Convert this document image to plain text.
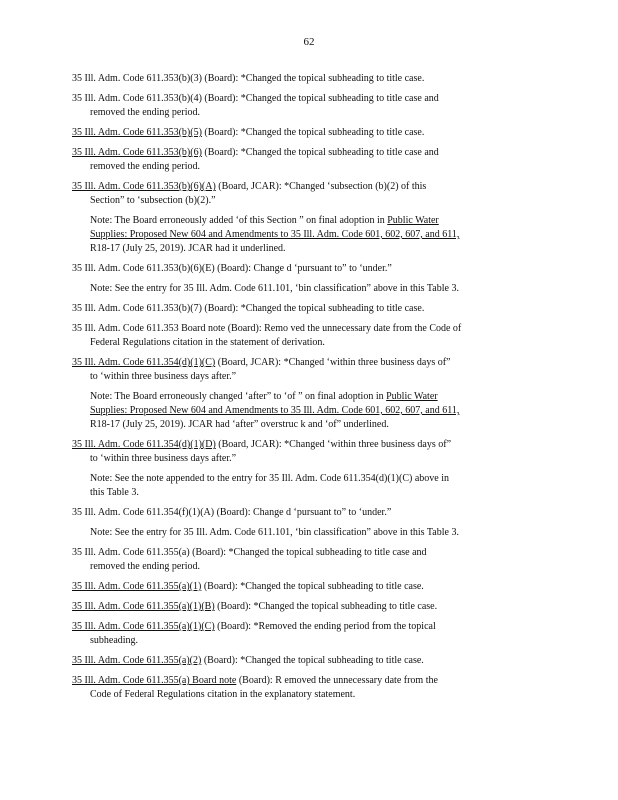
62
35 Ill. Adm. Code 611.353(b)(3) (Board): *Changed the topical subheading to title case.
35 Ill. Adm. Code 611.353(b)(4) (Board): *Changed the topical subheading to title case and
removed the ending period.
35 Ill. Adm. Code 611.353(b)(5) (Board): *Changed the topical subheading to title case.
35 Ill. Adm. Code 611.353(b)(6) (Board): *Changed the topical subheading to title case and
removed the ending period.
35 Ill. Adm. Code 611.353(b)(6)(A) (Board, JCAR): *Changed ‘subsection (b)(2) of this
Section” to ‘subsection (b)(2).”
Note: The Board erroneously added ‘of this Section ” on final adoption in Public Water
Supplies: Proposed New 604 and Amendments to 35 Ill. Adm. Code 601, 602, 607, and 611,
R18-17 (July 25, 2019). JCAR had it underlined.
35 Ill. Adm. Code 611.353(b)(6)(E) (Board): Change d ‘pursuant to” to ‘under.”
Note: See the entry for 35 Ill. Adm. Code 611.101, ‘bin classification” above in this Table 3.
35 Ill. Adm. Code 611.353(b)(7) (Board): *Changed the topical subheading to title case.
35 Ill. Adm. Code 611.353 Board note (Board): Remo ved the unnecessary date from the Code of
Federal Regulations citation in the statement of derivation.
35 Ill. Adm. Code 611.354(d)(1)(C) (Board, JCAR): *Changed ‘within three business days of”
to ‘within three business days after.”
Note: The Board erroneously changed ‘after” to ‘of ” on final adoption in Public Water
Supplies: Proposed New 604 and Amendments to 35 Ill. Adm. Code 601, 602, 607, and 611,
R18-17 (July 25, 2019). JCAR had ‘after” overstruc k and ‘of” underlined.
35 Ill. Adm. Code 611.354(d)(1)(D) (Board, JCAR): *Changed ‘within three business days of”
to ‘within three business days after.”
Note: See the note appended to the entry for 35 Ill. Adm. Code 611.354(d)(1)(C) above in
this Table 3.
35 Ill. Adm. Code 611.354(f)(1)(A) (Board): Change d ‘pursuant to” to ‘under.”
Note: See the entry for 35 Ill. Adm. Code 611.101, ‘bin classification” above in this Table 3.
35 Ill. Adm. Code 611.355(a) (Board): *Changed the topical subheading to title case and
removed the ending period.
35 Ill. Adm. Code 611.355(a)(1) (Board): *Changed the topical subheading to title case.
35 Ill. Adm. Code 611.355(a)(1)(B) (Board): *Changed the topical subheading to title case.
35 Ill. Adm. Code 611.355(a)(1)(C) (Board): *Removed the ending period from the topical
subheading.
35 Ill. Adm. Code 611.355(a)(2) (Board): *Changed the topical subheading to title case.
35 Ill. Adm. Code 611.355(a) Board note (Board): R emoved the unnecessary date from the
Code of Federal Regulations citation in the explanatory statement.
